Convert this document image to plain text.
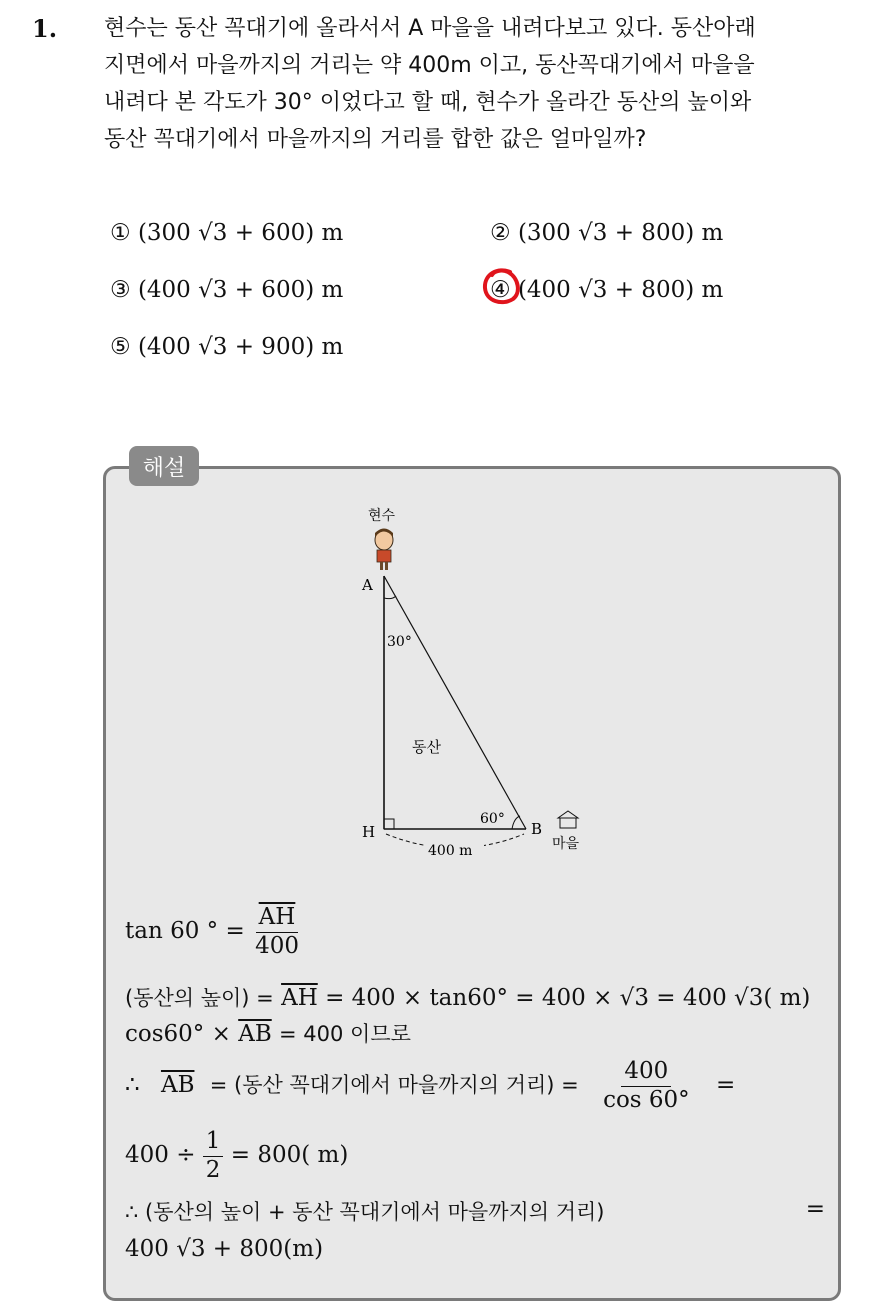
1. 현수는 동산 꼭대기에 올라서서 A 마을을 내려다보고 있다. 동산아래

지면에서 마을까지의 거리는 약 400m 이고, 동산꼭대기에서 마을을

내려다 본 각도가 30° 이었다고 할 때, 현수가 올라간 동산의 높이와

동산 꼭대기에서 마을까지의 거리를 합한 값은 얼마일까?

① (300 √3 + 600) m	② (300 √3 + 800) m
③ (400 √3 + 600) m	④ (400 √3 + 800) m
⑤ (400 √3 + 900) m
해설
현수
A
30°
동산
60°
H	B
마을
400 m
tan 60 ° = $\frac{\overline{AH}}{400}$
(동산의 높이) = $\overline{AH} = 400 \times \tan 60^\circ = 400 \times √3 = 400$ √3( m)
$\cos 60^\circ \times \overline{AB} = 400$ 이므로
∴ $\overline{AB}$ = (동산 꼭대기에서 마을까지의 거리) = $\frac{400}{\cos 60^\circ}$ =
$400 \div \frac{1}{2} = 800$( m)
∴ (동산의 높이 + 동산 꼭대기에서 마을까지의 거리)	=
400 √3 + 800(m)
